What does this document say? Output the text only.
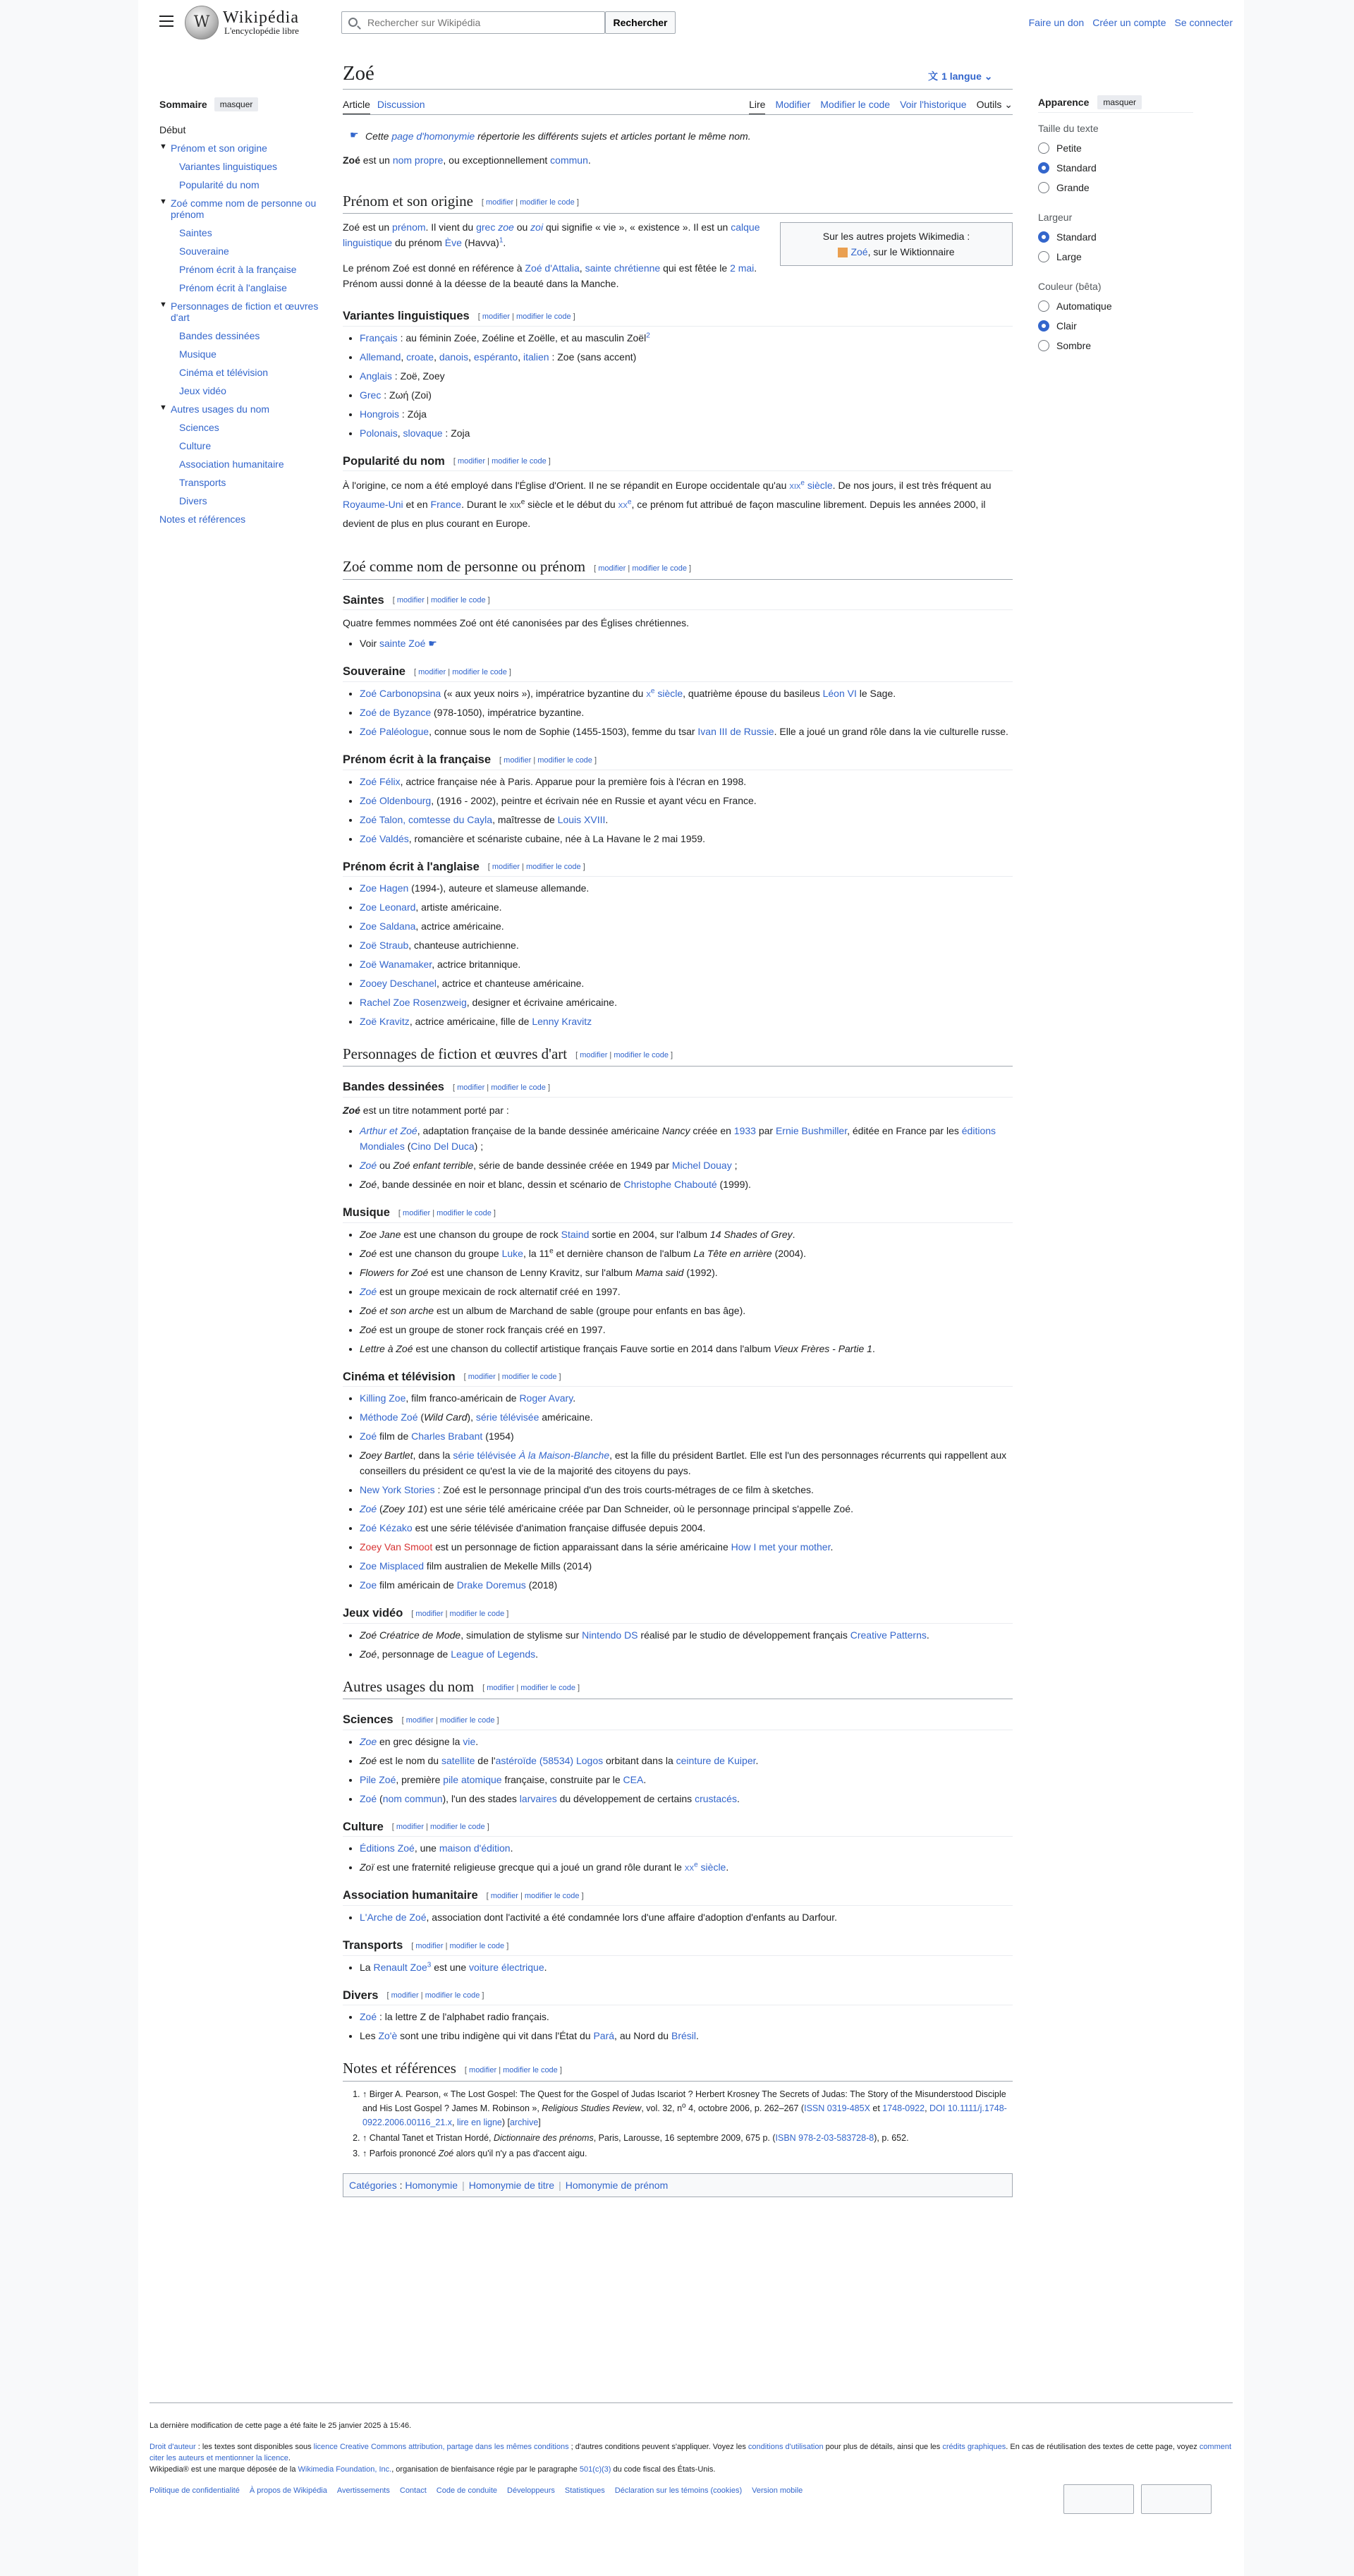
W Wikipédia
L'encyclopédie libre
Rechercher sur Wikipédia
Rechercher	Faire un don Créer un compte Se connecter
Sommaire	masquer
Début
▼ Prénom et son origine
Variantes linguistiques
Popularité du nom
▼ Zoé comme nom de personne ou prénom
Saintes
Souveraine
Prénom écrit à la française
Prénom écrit à l'anglaise
▼ Personnages de fiction et œuvres d'art
Bandes dessinées
Musique
Cinéma et télévision
Jeux vidéo
▼ Autres usages du nom
Sciences
Culture
Association humanitaire
Transports
Divers
Notes et références
Zoé	文  1 langue ⌄
Article Discussion	Lire Modifier Modifier le code Voir l'historique Outils ⌄
☛ Cette page d'homonymie répertorie les différents sujets et articles portant le même nom.

Zoé est un nom propre, ou exceptionnellement commun.

Prénom et son origine [ modifier | modifier le code ]
Sur les autres projets Wikimedia :
Zoé, sur le Wiktionnaire

Zoé est un prénom. Il vient du grec zoe ou zoi qui signifie « vie », « existence ». Il est un calque linguistique du prénom Ève (Havva)$^1$.

Le prénom Zoé est donné en référence à Zoé d'Attalia, sainte chrétienne qui est fêtée le 2 mai. Prénom aussi donné à la déesse de la beauté dans la Manche.

Variantes linguistiques [ modifier | modifier le code ]
• Français : au féminin Zoée, Zoéline et Zoëlle, et au masculin Zoël$^2$
• Allemand, croate, danois, espéranto, italien : Zoe (sans accent)
• Anglais : Zoë, Zoey
• Grec : Ζωή (Zoi)
• Hongrois : Zója
• Polonais, slovaque : Zoja
Popularité du nom [ modifier | modifier le code ]

À l'origine, ce nom a été employé dans l'Église d'Orient. Il ne se répandit en Europe occidentale qu'au xix$^e$ siècle. De nos jours, il est très fréquent au Royaume-Uni et en France. Durant le xix$^e$ siècle et le début du $xx^e$, ce prénom fut attribué de façon masculine librement. Depuis les années 2000, il devient de plus en plus courant en Europe.

Zoé comme nom de personne ou prénom [ modifier | modifier le code ]
Saintes [ modifier | modifier le code ]

Quatre femmes nommées Zoé ont été canonisées par des Églises chrétiennes.

• Voir sainte Zoé ☛
Souveraine [ modifier | modifier le code ]
• Zoé Carbonopsina (« aux yeux noirs »), impératrice byzantine du $x^e$ siècle, quatrième épouse du basileus Léon VI le Sage.
• Zoé de Byzance (978-1050), impératrice byzantine.
• Zoé Paléologue, connue sous le nom de Sophie (1455-1503), femme du tsar Ivan III de Russie. Elle a joué un grand rôle dans la vie culturelle russe.
Prénom écrit à la française [ modifier | modifier le code ]
• Zoé Félix, actrice française née à Paris. Apparue pour la première fois à l'écran en 1998.
• Zoé Oldenbourg, (1916 - 2002), peintre et écrivain née en Russie et ayant vécu en France.
• Zoé Talon, comtesse du Cayla, maîtresse de Louis XVIII.
• Zoé Valdés, romancière et scénariste cubaine, née à La Havane le 2 mai 1959.
Prénom écrit à l'anglaise [ modifier | modifier le code ]
• Zoe Hagen (1994-), auteure et slameuse allemande.
• Zoe Leonard, artiste américaine.
• Zoe Saldana, actrice américaine.
• Zoë Straub, chanteuse autrichienne.
• Zoë Wanamaker, actrice britannique.
• Zooey Deschanel, actrice et chanteuse américaine.
• Rachel Zoe Rosenzweig, designer et écrivaine américaine.
• Zoë Kravitz, actrice américaine, fille de Lenny Kravitz
Personnages de fiction et œuvres d'art [ modifier | modifier le code ]
Bandes dessinées [ modifier | modifier le code ]

Zoé est un titre notamment porté par :

• Arthur et Zoé, adaptation française de la bande dessinée américaine Nancy créée en 1933 par Ernie Bushmiller, éditée en France par les éditions Mondiales (Cino Del Duca) ;
• Zoé ou Zoé enfant terrible, série de bande dessinée créée en 1949 par Michel Douay ;
• Zoé, bande dessinée en noir et blanc, dessin et scénario de Christophe Chabouté (1999).
Musique [ modifier | modifier le code ]
• Zoe Jane est une chanson du groupe de rock Staind sortie en 2004, sur l'album 14 Shades of Grey.
• Zoé est une chanson du groupe Luke, la 11e et dernière chanson de l'album La Tête en arrière (2004).
• Flowers for Zoé est une chanson de Lenny Kravitz, sur l'album Mama said (1992).
• Zoé est un groupe mexicain de rock alternatif créé en 1997.
• Zoé et son arche est un album de Marchand de sable (groupe pour enfants en bas âge).
• Zoé est un groupe de stoner rock français créé en 1997.
• Lettre à Zoé est une chanson du collectif artistique français Fauve sortie en 2014 dans l'album Vieux Frères - Partie 1.
Cinéma et télévision [ modifier | modifier le code ]
• Killing Zoe, film franco-américain de Roger Avary.
• Méthode Zoé (Wild Card), série télévisée américaine.
• Zoé film de Charles Brabant (1954)
• Zoey Bartlet, dans la série télévisée À la Maison-Blanche, est la fille du président Bartlet. Elle est l'un des personnages récurrents qui rappellent aux conseillers du président ce qu'est la vie de la majorité des citoyens du pays.
• New York Stories : Zoé est le personnage principal d'un des trois courts-métrages de ce film à sketches.
• Zoé (Zoey 101) est une série télé américaine créée par Dan Schneider, où le personnage principal s'appelle Zoé.
• Zoé Kézako est une série télévisée d'animation française diffusée depuis 2004.
• Zoey Van Smoot est un personnage de fiction apparaissant dans la série américaine How I met your mother.
• Zoe Misplaced film australien de Mekelle Mills (2014)
• Zoe film américain de Drake Doremus (2018)
Jeux vidéo [ modifier | modifier le code ]
• Zoé Créatrice de Mode, simulation de stylisme sur Nintendo DS réalisé par le studio de développement français Creative Patterns.
• Zoé, personnage de League of Legends.
Autres usages du nom [ modifier | modifier le code ]
Sciences [ modifier | modifier le code ]
• Zoe en grec désigne la vie.
• Zoé est le nom du satellite de l'astéroïde (58534) Logos orbitant dans la ceinture de Kuiper.
• Pile Zoé, première pile atomique française, construite par le CEA.
• Zoé (nom commun), l'un des stades larvaires du développement de certains crustacés.
Culture [ modifier | modifier le code ]
• Éditions Zoé, une maison d'édition.
• Zoï est une fraternité religieuse grecque qui a joué un grand rôle durant le $xx^e$ siècle.
Association humanitaire [ modifier | modifier le code ]
• L'Arche de Zoé, association dont l'activité a été condamnée lors d'une affaire d'adoption d'enfants au Darfour.
Transports [ modifier | modifier le code ]
• La Renault Zoe$^3$ est une voiture électrique.
Divers [ modifier | modifier le code ]
• Zoé : la lettre Z de l'alphabet radio français.
• Les Zo'è sont une tribu indigène qui vit dans l'État du Pará, au Nord du Brésil.
Notes et références [ modifier | modifier le code ]
1. ↑ Birger A. Pearson, « The Lost Gospel: The Quest for the Gospel of Judas Iscariot ? Herbert Krosney The Secrets of Judas: The Story of the Misunderstood Disciple and His Lost Gospel ? James M. Robinson », Religious Studies Review, vol. 32, $n^o$ 4, octobre 2006, p. 262–267 (ISSN 0319-485X et 1748-0922, DOI 10.1111/j.1748-0922.2006.00116_21.x, lire en ligne) [archive]
2. ↑ Chantal Tanet et Tristan Hordé, Dictionnaire des prénoms, Paris, Larousse, 16 septembre 2009, 675 p. (ISBN 978-2-03-583728-8), p. 652.
3. ↑ Parfois prononcé Zoé alors qu'il n'y a pas d'accent aigu.
Catégories : Homonymie | Homonymie de titre | Homonymie de prénom
Apparence	masquer
Taille du texte
Petite
Standard
Grande
Largeur
Standard
Large
Couleur (bêta)
Automatique
Clair
Sombre
La dernière modification de cette page a été faite le 25 janvier 2025 à 15:46.
Droit d'auteur : les textes sont disponibles sous licence Creative Commons attribution, partage dans les mêmes conditions ; d'autres conditions peuvent s'appliquer. Voyez les conditions d'utilisation pour plus de détails, ainsi que les crédits graphiques. En cas de réutilisation des textes de cette page, voyez comment citer les auteurs et mentionner la licence.
Wikipedia® est une marque déposée de la Wikimedia Foundation, Inc., organisation de bienfaisance régie par le paragraphe 501(c)(3) du code fiscal des États-Unis.
Politique de confidentialité À propos de Wikipédia Avertissements Contact Code de conduite Développeurs Statistiques Déclaration sur les témoins (cookies) Version mobile
